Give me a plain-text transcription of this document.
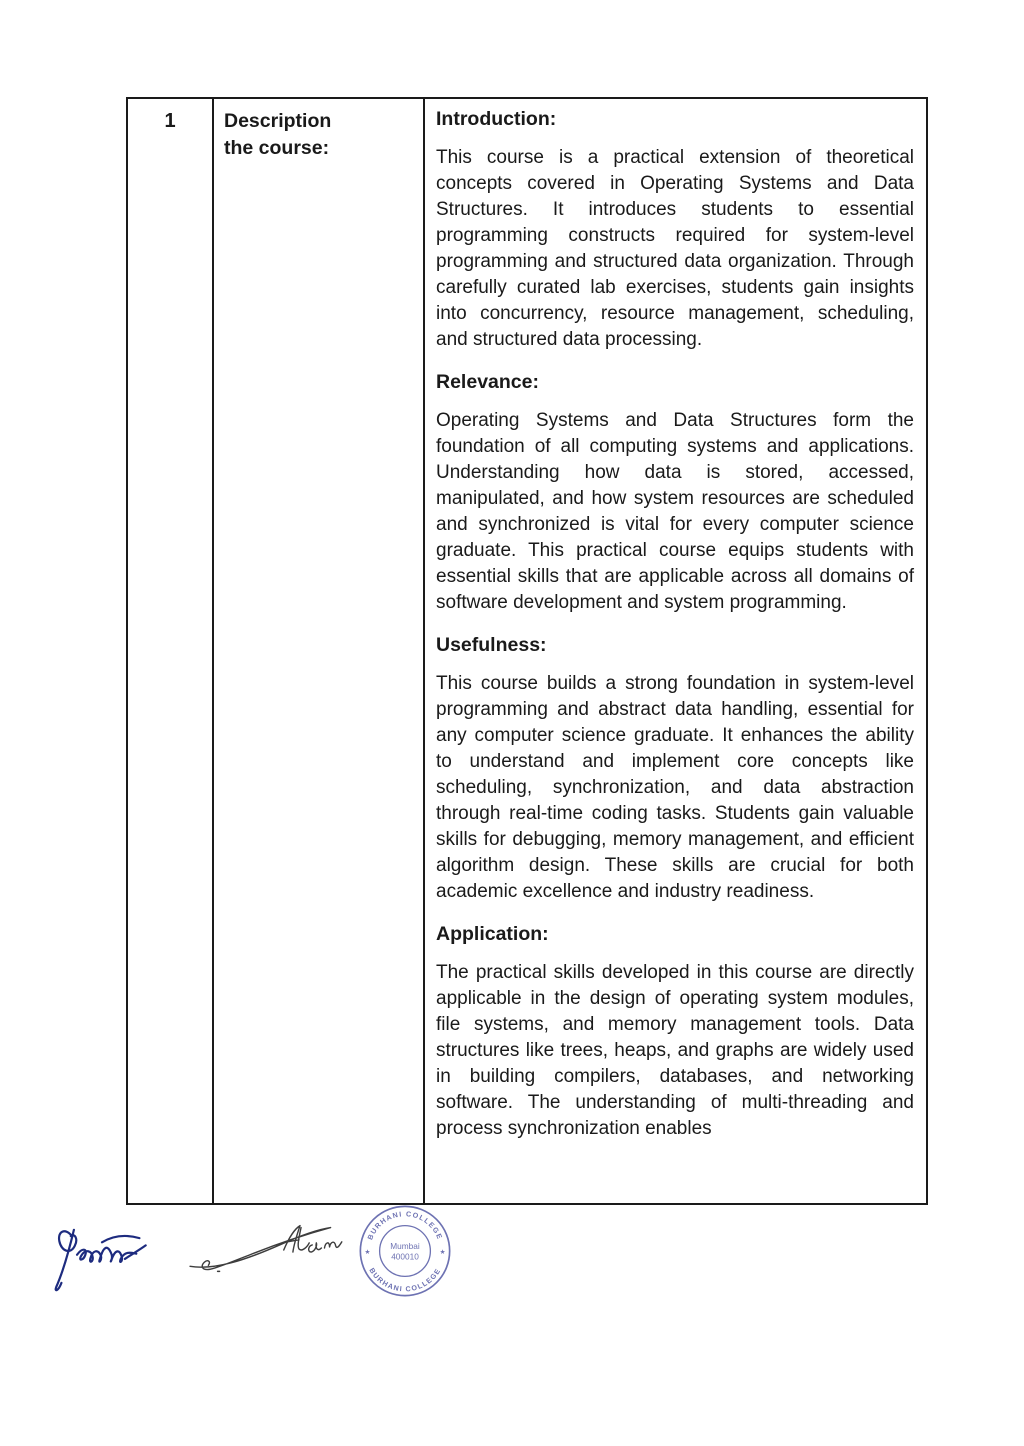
1	Description
the course:

Introduction:

This course is a practical extension of theoretical concepts covered in Operating Systems and Data Structures. It introduces students to essential programming constructs required for system-level programming and structured data organization. Through carefully curated lab exercises, students gain insights into concurrency, resource management, scheduling, and structured data processing.

Relevance:

Operating Systems and Data Structures form the foundation of all computing systems and applications. Understanding how data is stored, accessed, manipulated, and how system resources are scheduled and synchronized is vital for every computer science graduate. This practical course equips students with essential skills that are applicable across all domains of software development and system programming.

Usefulness:

This course builds a strong foundation in system-level programming and abstract data handling, essential for any computer science graduate. It enhances the ability to understand and implement core concepts like scheduling, synchronization, and data abstraction through real-time coding tasks. Students gain valuable skills for debugging, memory management, and efficient algorithm design. These skills are crucial for both academic excellence and industry readiness.

Application:

The practical skills developed in this course are directly applicable in the design of operating system modules, file systems, and memory management tools. Data structures like trees, heaps, and graphs are widely used in building compilers, databases, and networking software. The understanding of multi-threading and process synchronization enables

BURHANI COLLEGE
BURHANI COLLEGE
★	★
Mumbai
400010
